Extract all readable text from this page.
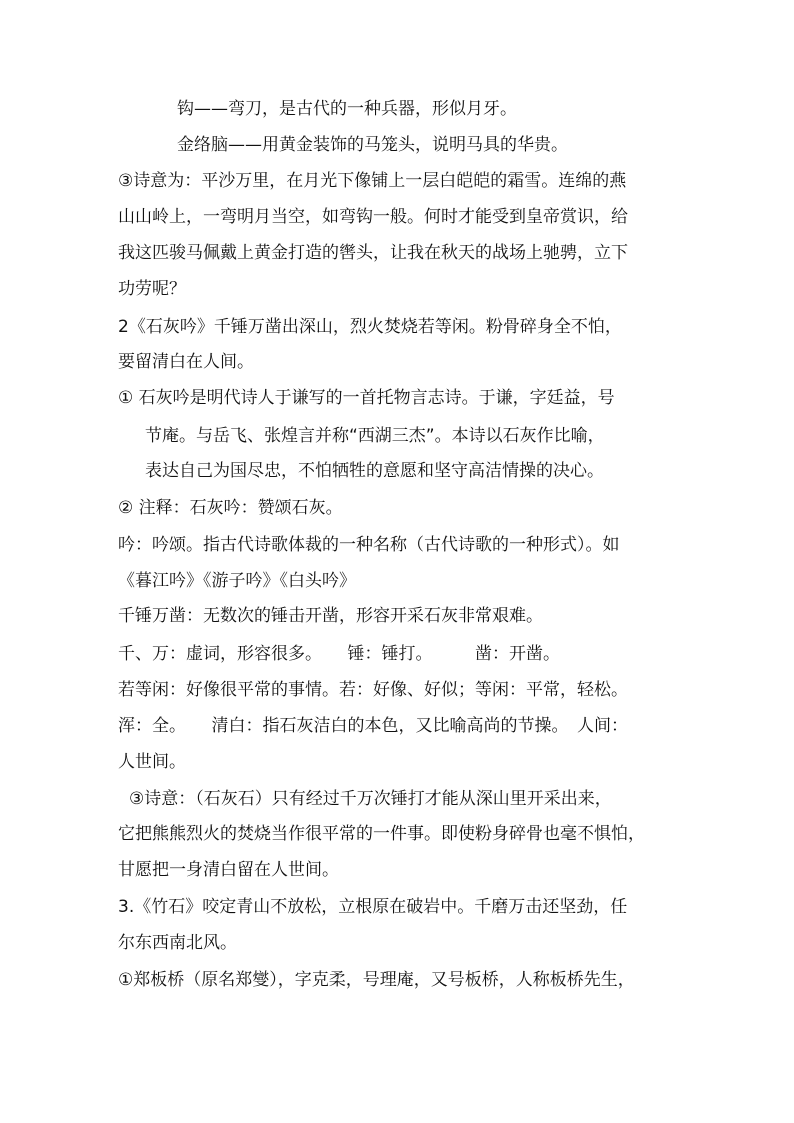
钩——弯刀，是古代的一种兵器，形似月牙。
金络脑——用黄金装饰的马笼头，说明马具的华贵。
③诗意为：平沙万里，在月光下像铺上一层白皑皑的霜雪。连绵的燕
山山岭上，一弯明月当空，如弯钩一般。何时才能受到皇帝赏识，给
我这匹骏马佩戴上黄金打造的辔头，让我在秋天的战场上驰骋，立下
功劳呢？
2《石灰吟》千锤万凿出深山，烈火焚烧若等闲。粉骨碎身全不怕，
要留清白在人间。
① 石灰吟是明代诗人于谦写的一首托物言志诗。于谦，字廷益，号
节庵。与岳飞、张煌言并称“西湖三杰”。本诗以石灰作比喻，
表达自己为国尽忠，不怕牺牲的意愿和坚守高洁情操的决心。
② 注释：石灰吟：赞颂石灰。
吟：吟颂。指古代诗歌体裁的一种名称（古代诗歌的一种形式）。如
《暮江吟》《游子吟》《白头吟》
千锤万凿：无数次的锤击开凿，形容开采石灰非常艰难。
千、万：虚词，形容很多。　　锤：锤打。　　　凿：开凿。
若等闲：好像很平常的事情。若：好像、好似；等闲：平常，轻松。
浑：全。　　清白：指石灰洁白的本色，又比喻高尚的节操。　人间：
人世间。
③诗意：（石灰石）只有经过千万次锤打才能从深山里开采出来，
它把熊熊烈火的焚烧当作很平常的一件事。即使粉身碎骨也毫不惧怕，
甘愿把一身清白留在人世间。
3.《竹石》咬定青山不放松，立根原在破岩中。千磨万击还坚劲，任
尔东西南北风。
①郑板桥（原名郑燮），字克柔，号理庵，又号板桥，人称板桥先生，
